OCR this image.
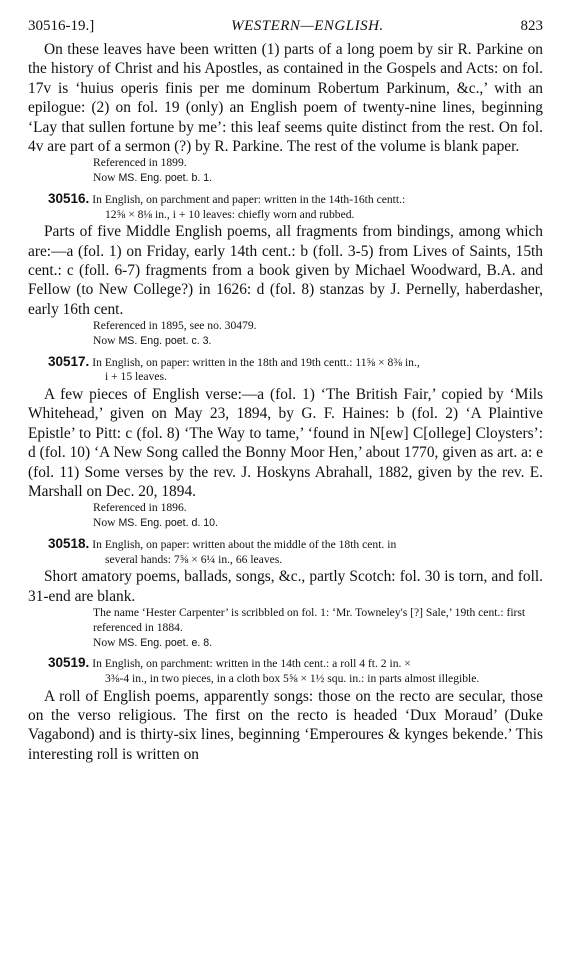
30516-19.]	WESTERN—ENGLISH.	823

On these leaves have been written (1) parts of a long poem by sir R. Parkine on the history of Christ and his Apostles, as contained in the Gospels and Acts: on fol. 17v is ‘huius operis finis per me dominum Robertum Parkinum, &c.,’ with an epilogue: (2) on fol. 19 (only) an English poem of twenty-nine lines, beginning ‘Lay that sullen fortune by me’: this leaf seems quite distinct from the rest. On fol. 4v are part of a sermon (?) by R. Parkine. The rest of the volume is blank paper.

Referenced in 1899.

Now MS. Eng. poet. b. 1.

30516. In English, on parchment and paper: written in the 14th-16th centt.:
12⅝ × 8⅛ in., i + 10 leaves: chiefly worn and rubbed.

Parts of five Middle English poems, all fragments from bindings, among which are:—a (fol. 1) on Friday, early 14th cent.: b (foll. 3-5) from Lives of Saints, 15th cent.: c (foll. 6-7) fragments from a book given by Michael Woodward, B.A. and Fellow (to New College?) in 1626: d (fol. 8) stanzas by J. Pernelly, haberdasher, early 16th cent.

Referenced in 1895, see no. 30479.

Now MS. Eng. poet. c. 3.

30517. In English, on paper: written in the 18th and 19th centt.: 11⅝ × 8⅜ in.,
i + 15 leaves.

A few pieces of English verse:—a (fol. 1) ‘The British Fair,’ copied by ‘Mils Whitehead,’ given on May 23, 1894, by G. F. Haines: b (fol. 2) ‘A Plaintive Epistle’ to Pitt: c (fol. 8) ‘The Way to tame,’ ‘found in N[ew] C[ollege] Cloysters’: d (fol. 10) ‘A New Song called the Bonny Moor Hen,’ about 1770, given as art. a: e (fol. 11) Some verses by the rev. J. Hoskyns Abrahall, 1882, given by the rev. E. Marshall on Dec. 20, 1894.

Referenced in 1896.

Now MS. Eng. poet. d. 10.

30518. In English, on paper: written about the middle of the 18th cent. in
several hands: 7⅝ × 6¼ in., 66 leaves.

Short amatory poems, ballads, songs, &c., partly Scotch: fol. 30 is torn, and foll. 31-end are blank.

The name ‘Hester Carpenter’ is scribbled on fol. 1: ‘Mr. Towneley's [?] Sale,’ 19th cent.: first referenced in 1884.

Now MS. Eng. poet. e. 8.

30519. In English, on parchment: written in the 14th cent.: a roll 4 ft. 2 in. ×
3⅜-4 in., in two pieces, in a cloth box 5⅝ × 1½ squ. in.: in parts almost illegible.

A roll of English poems, apparently songs: those on the recto are secular, those on the verso religious. The first on the recto is headed ‘Dux Moraud’ (Duke Vagabond) and is thirty-six lines, beginning ‘Emperoures & kynges bekende.’ This interesting roll is written on
